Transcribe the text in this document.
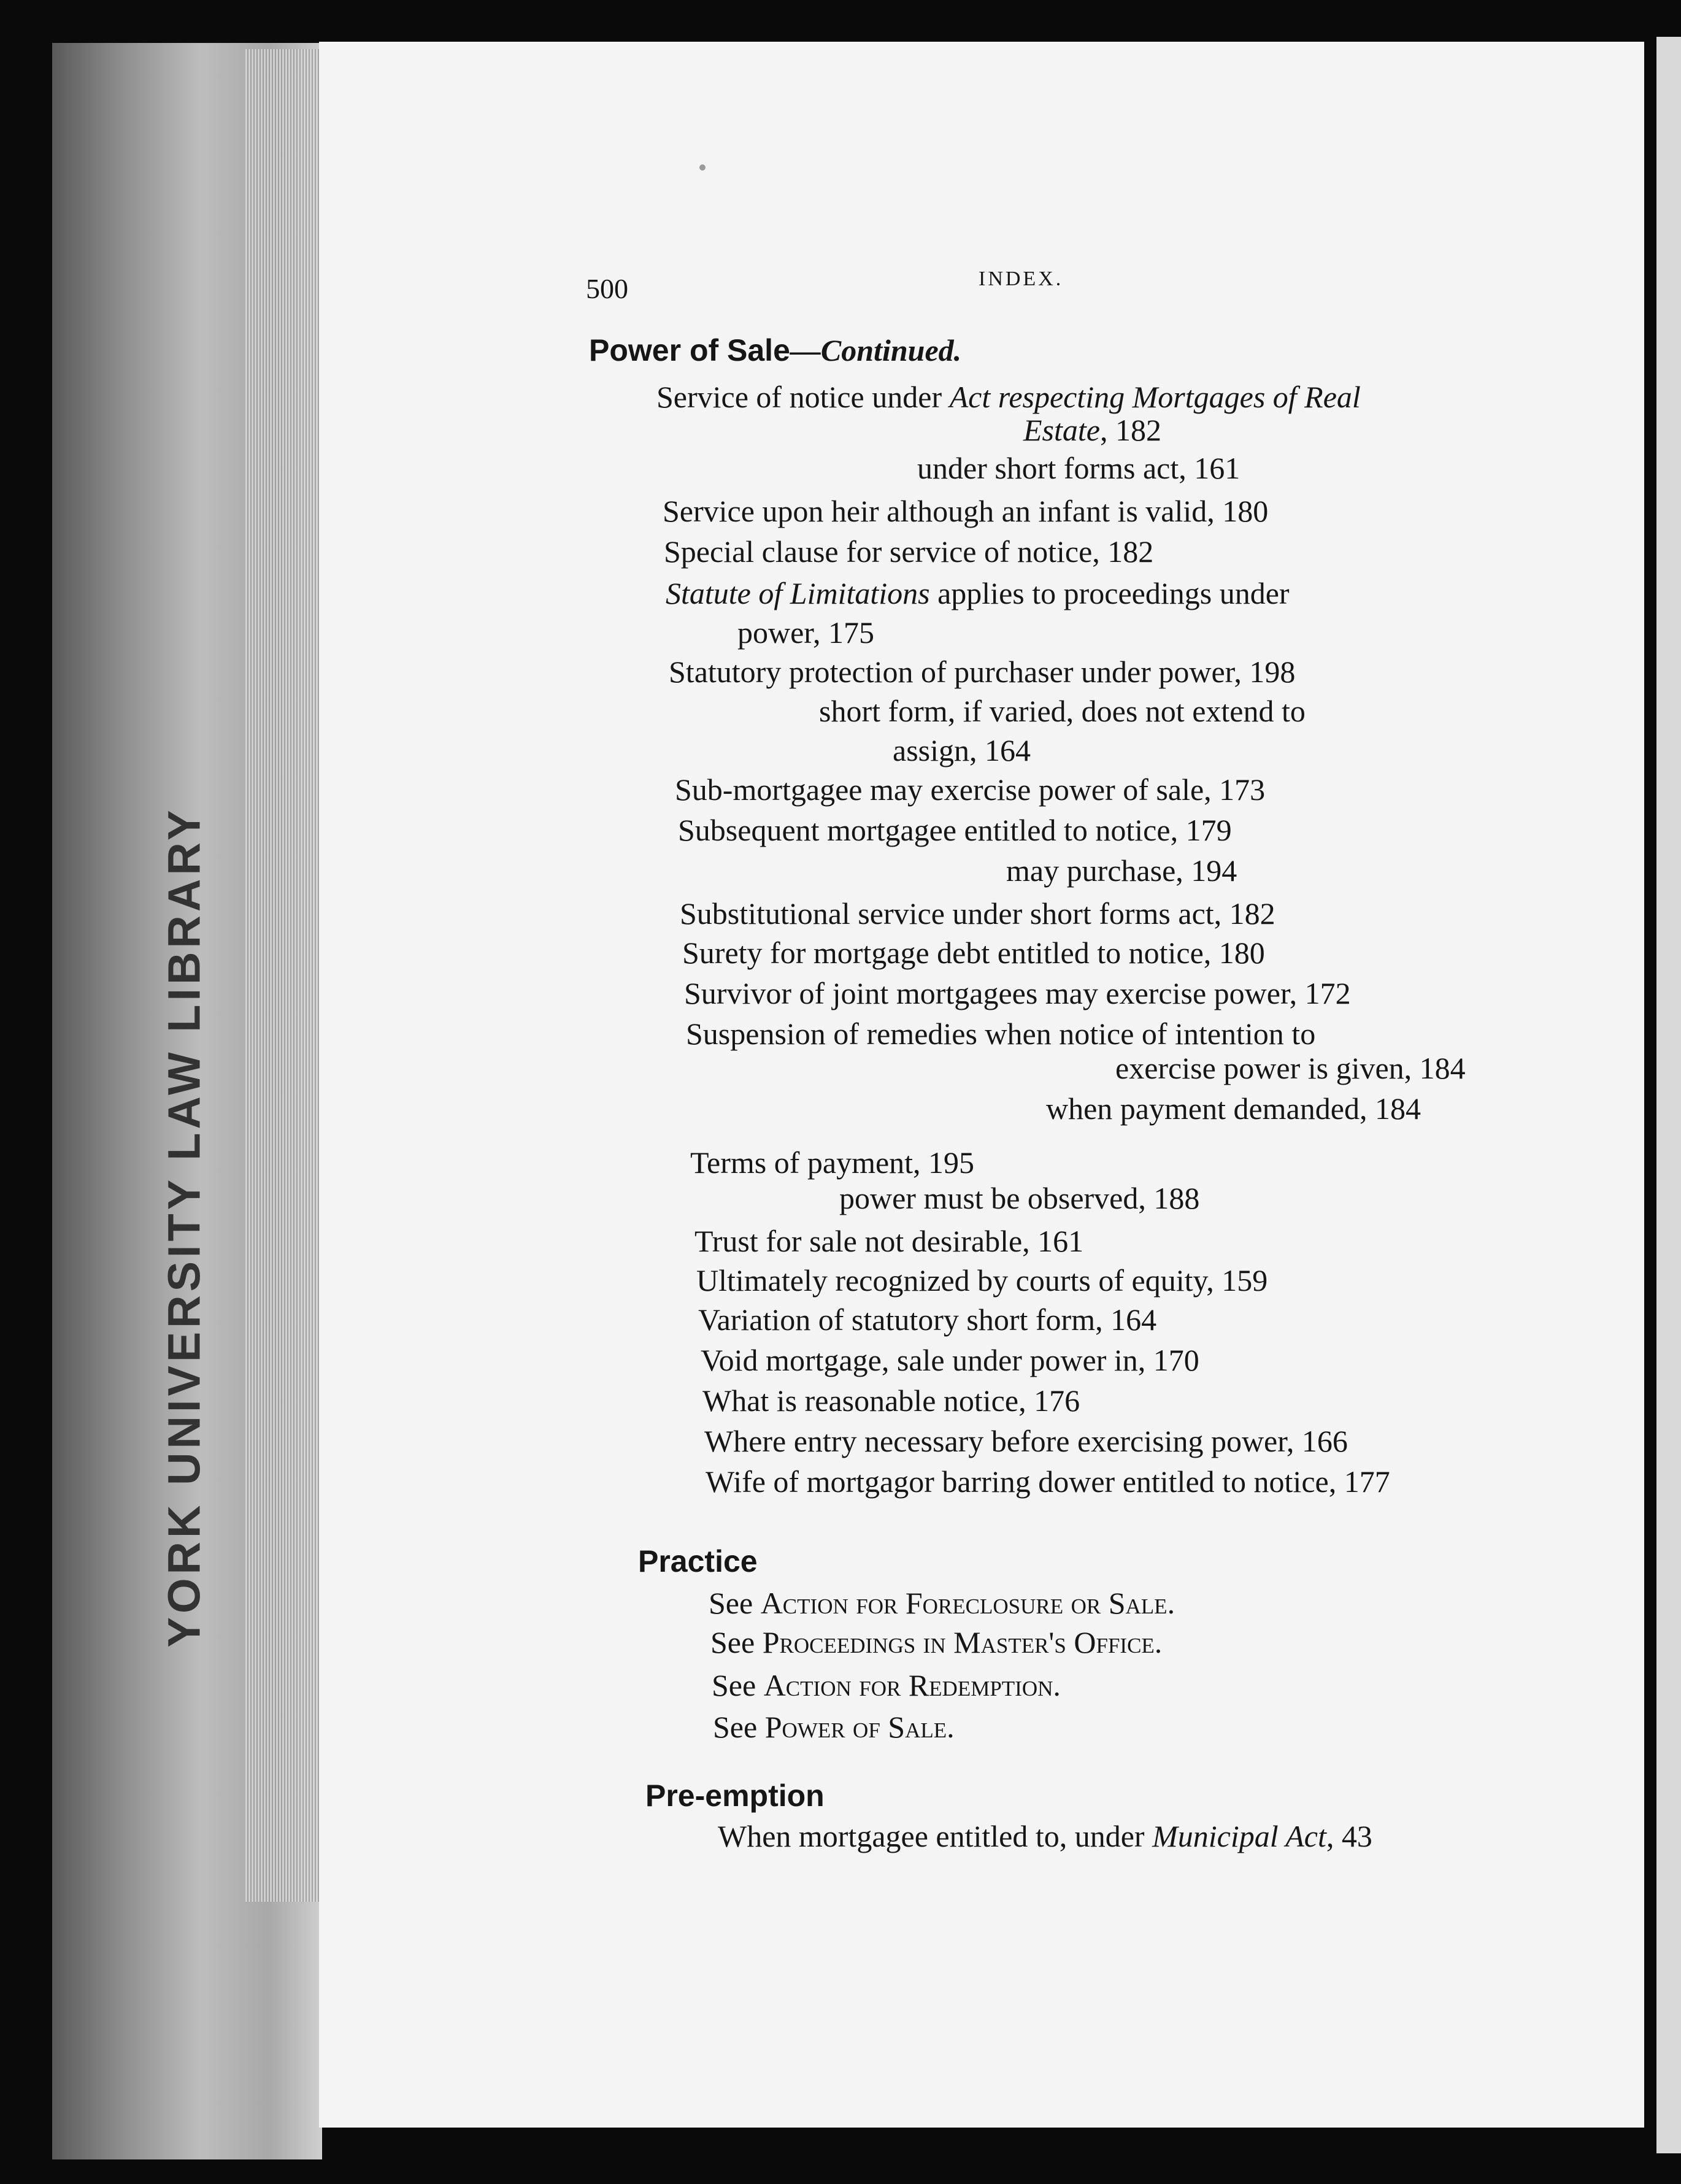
YORK UNIVERSITY LAW LIBRARY
500	INDEX.
Power of Sale—Continued.
Service of notice under Act respecting Mortgages of Real
Estate, 182
under short forms act, 161
Service upon heir although an infant is valid, 180
Special clause for service of notice, 182
Statute of Limitations applies to proceedings under
power, 175
Statutory protection of purchaser under power, 198
short form, if varied, does not extend to
assign, 164
Sub-mortgagee may exercise power of sale, 173
Subsequent mortgagee entitled to notice, 179
may purchase, 194
Substitutional service under short forms act, 182
Surety for mortgage debt entitled to notice, 180
Survivor of joint mortgagees may exercise power, 172
Suspension of remedies when notice of intention to
exercise power is given, 184
when payment demanded, 184
Terms of payment, 195
power must be observed, 188
Trust for sale not desirable, 161
Ultimately recognized by courts of equity, 159
Variation of statutory short form, 164
Void mortgage, sale under power in, 170
What is reasonable notice, 176
Where entry necessary before exercising power, 166
Wife of mortgagor barring dower entitled to notice, 177
Practice
See Action for Foreclosure or Sale.
See Proceedings in Master's Office.
See Action for Redemption.
See Power of Sale.
Pre-emption
When mortgagee entitled to, under Municipal Act, 43
